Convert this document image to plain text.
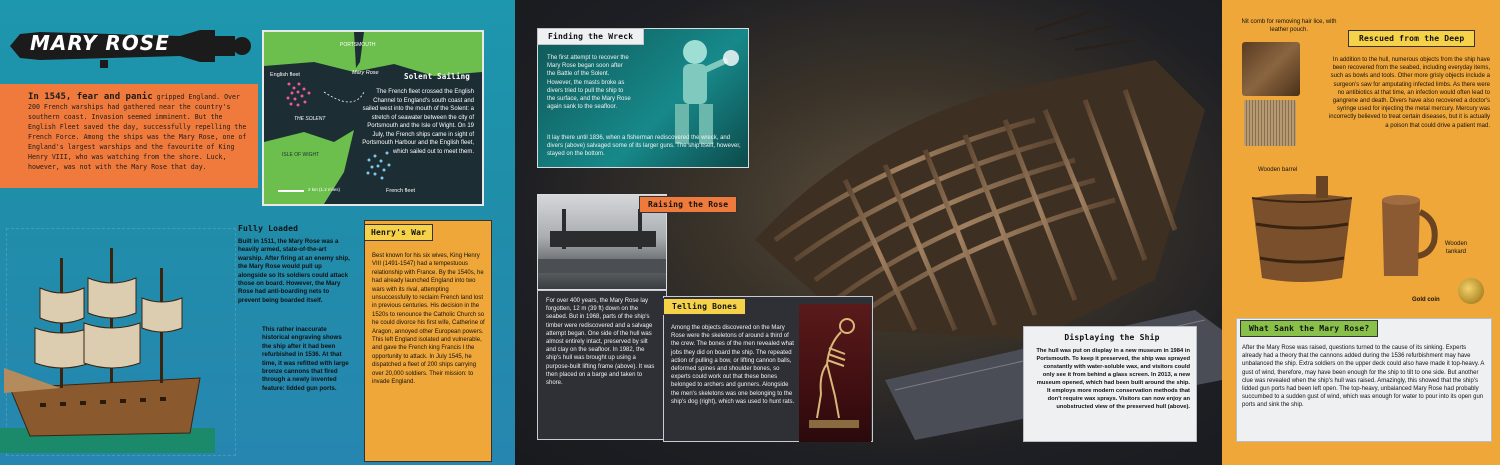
MARY ROSE
In 1545, fear and panic gripped England. Over 200 French warships had gathered near the country's southern coast. Invasion seemed imminent. But the English Fleet saved the day, successfully repelling the French Force. Among the ships was the Mary Rose, one of England's largest warships and the favourite of King Henry VIII, who was watching from the shore. Luck, however, was not with the Mary Rose that day.
PORTSMOUTH
English fleet	Mary Rose
THE SOLENT
ISLE OF WIGHT
French fleet
2 km (1.2 miles)
Solent Sailing
The French fleet crossed the English Channel to England's south coast and sailed west into the mouth of the Solent: a stretch of seawater between the city of Portsmouth and the Isle of Wight. On 19 July, the French ships came in sight of Portsmouth Harbour and the English fleet, which sailed out to meet them.
Fully Loaded
Built in 1511, the Mary Rose was a heavily armed, state-of-the-art warship. After firing at an enemy ship, the Mary Rose would pull up alongside so its soldiers could attack those on board. However, the Mary Rose had anti-boarding nets to prevent being boarded itself.
This rather inaccurate historical engraving shows the ship after it had been refurbished in 1536. At that time, it was refitted with large bronze cannons that fired through a newly invented feature: lidded gun ports.
Henry's War
Best known for his six wives, King Henry VIII (1491-1547) had a tempestuous relationship with France. By the 1540s, he had already launched England into two wars with its rival, attempting unsuccessfully to reclaim French land lost in previous centuries. His decision in the 1520s to renounce the Catholic Church so he could divorce his first wife, Catherine of Aragon, annoyed other European powers. This left England isolated and vulnerable, and gave the French king Francis I the opportunity to attack. In July 1545, he dispatched a fleet of 200 ships carrying over 20,000 soldiers. Their mission: to invade England.
Finding the Wreck
The first attempt to recover the Mary Rose began soon after the Battle of the Solent. However, the masts broke as divers tried to pull the ship to the surface, and the Mary Rose again sank to the seafloor.
It lay there until 1836, when a fisherman rediscovered the wreck, and divers (above) salvaged some of its larger guns. The ship itself, however, stayed on the bottom.
Raising the Rose
For over 400 years, the Mary Rose lay forgotten, 12 m (39 ft) down on the seabed. But in 1968, parts of the ship's timber were rediscovered and a salvage attempt began. One side of the hull was almost entirely intact, preserved by silt and clay on the seafloor. In 1982, the ship's hull was brought up using a purpose-built lifting frame (above). It was then placed on a barge and taken to shore.
Telling Bones
Among the objects discovered on the Mary Rose were the skeletons of around a third of the crew. The bones of the men revealed what jobs they did on board the ship. The repeated action of pulling a bow, or lifting cannon balls, deformed spines and shoulder bones, so experts could work out that these bones belonged to archers and gunners. Alongside the men's skeletons was one belonging to the ship's dog (right), which was used to hunt rats.
Displaying the Ship
The hull was put on display in a new museum in 1984 in Portsmouth. To keep it preserved, the ship was sprayed constantly with water-soluble wax, and visitors could only see it from behind a glass screen. In 2013, a new museum opened, which had been built around the ship. It employs more modern conservation methods that don't require wax sprays. Visitors can now enjoy an unobstructed view of the preserved hull (above).
Nit comb for removing hair lice, with leather pouch.
Rescued from the Deep
In addition to the hull, numerous objects from the ship have been recovered from the seabed, including everyday items, such as bowls and tools. Other more grisly objects include a surgeon's saw for amputating infected limbs. As there were no antibiotics at that time, an infection would often lead to gangrene and death. Divers have also recovered a doctor's syringe used for injecting the metal mercury. Mercury was incorrectly believed to treat certain diseases, but it is actually a poison that could drive a patient mad.
Wooden barrel
Wooden tankard
Gold coin
What Sank the Mary Rose?
After the Mary Rose was raised, questions turned to the cause of its sinking. Experts already had a theory that the cannons added during the 1536 refurbishment may have unbalanced the ship. Extra soldiers on the upper deck could also have made it top-heavy. A gust of wind, therefore, may have been enough for the ship to tilt to one side. But another clue was revealed when the ship's hull was raised. Amazingly, this showed that the ship's lidded gun ports had been left open. The top-heavy, unbalanced Mary Rose had probably succumbed to a sudden gust of wind, which was enough for water to pour into its open gun ports and sink the ship.
